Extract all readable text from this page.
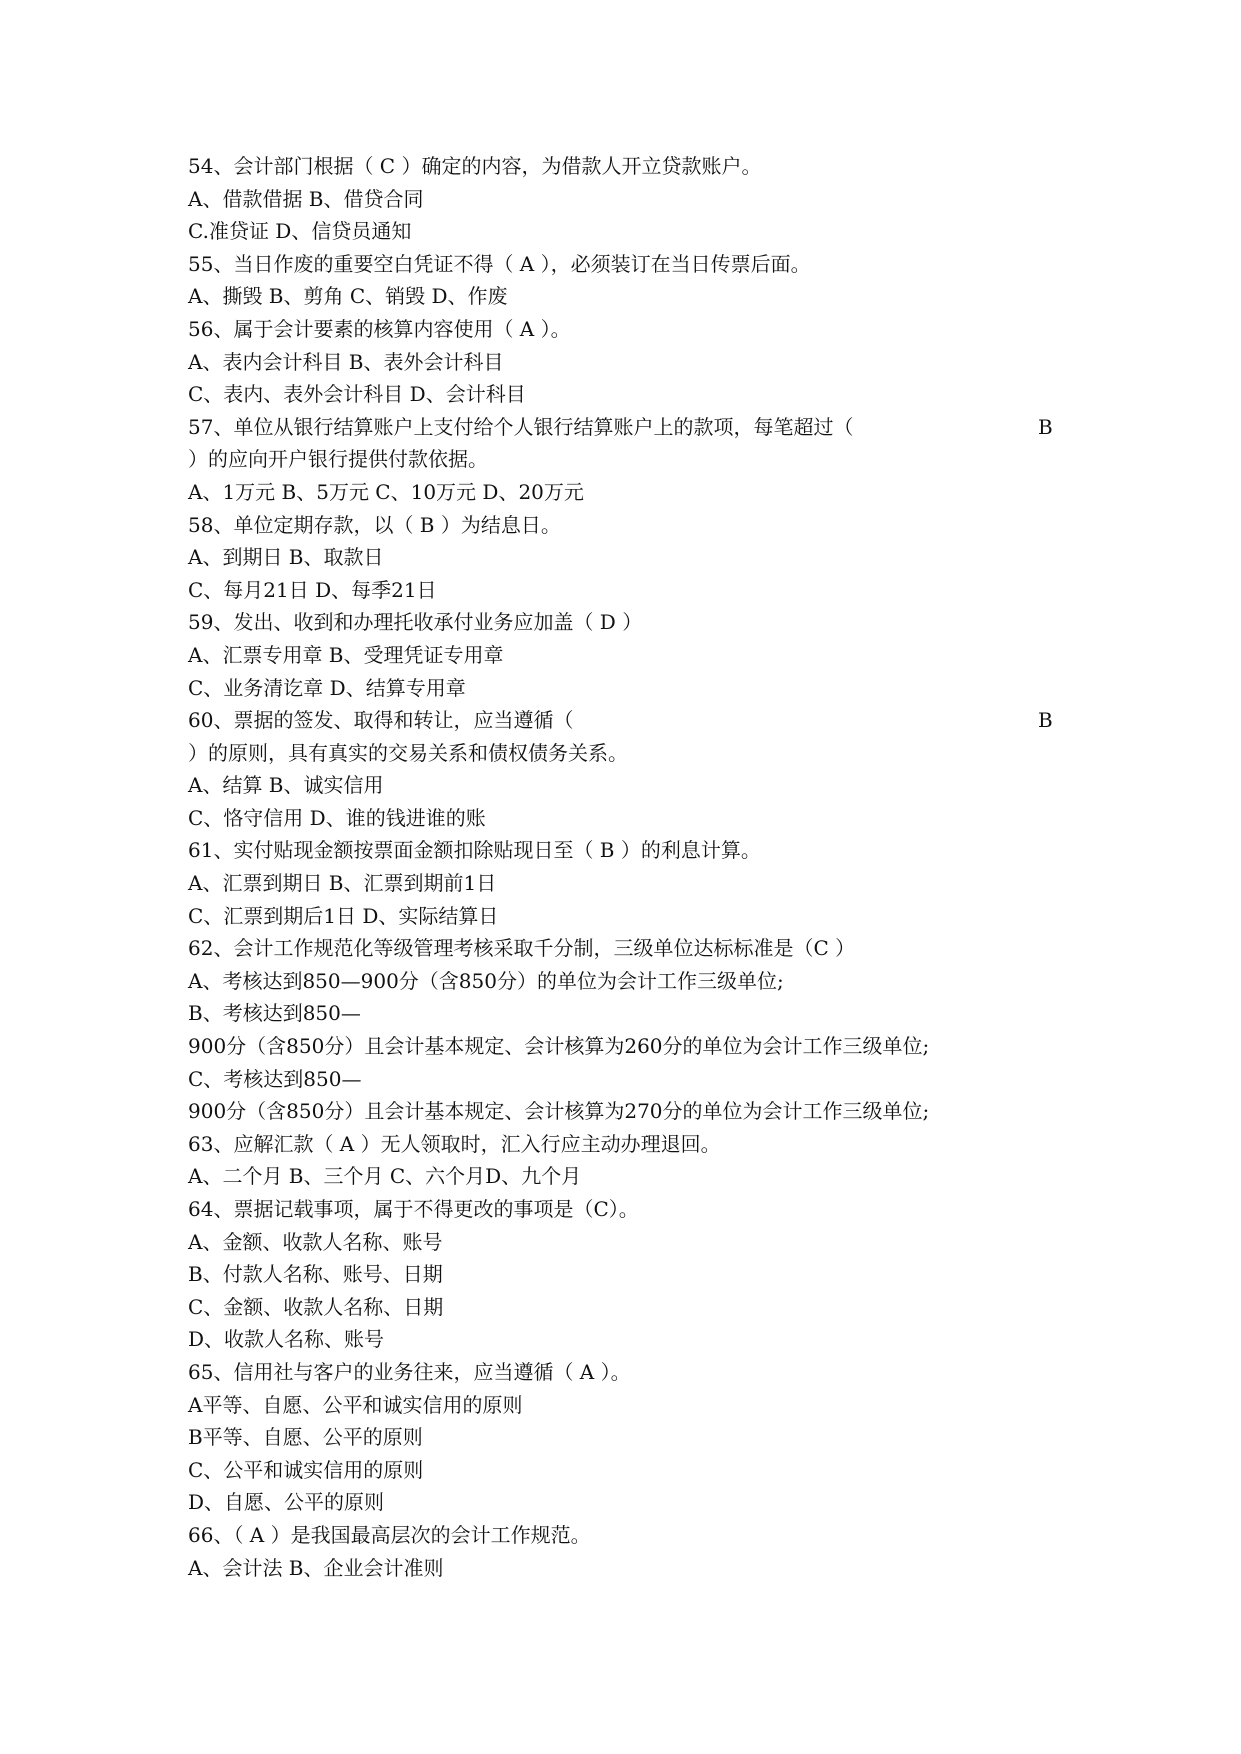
54、会计部门根据（ C ）确定的内容，为借款人开立贷款账户。
A、借款借据 B、借贷合同
C.准贷证 D、信贷员通知
55、当日作废的重要空白凭证不得（ A ），必须装订在当日传票后面。
A、撕毁 B、剪角 C、销毁 D、作废
56、属于会计要素的核算内容使用（ A ）。
A、表内会计科目 B、表外会计科目
C、表内、表外会计科目 D、会计科目
57、单位从银行结算账户上支付给个人银行结算账户上的款项，每笔超过（	B
）的应向开户银行提供付款依据。
A、1万元 B、5万元 C、10万元 D、20万元
58、单位定期存款，以（ B ）为结息日。
A、到期日 B、取款日
C、每月21日 D、每季21日
59、发出、收到和办理托收承付业务应加盖（ D ）
A、汇票专用章 B、受理凭证专用章
C、业务清讫章 D、结算专用章
60、票据的签发、取得和转让，应当遵循（	B
）的原则，具有真实的交易关系和债权债务关系。
A、结算 B、诚实信用
C、恪守信用 D、谁的钱进谁的账
61、实付贴现金额按票面金额扣除贴现日至（ B ）的利息计算。
A、汇票到期日 B、汇票到期前1日
C、汇票到期后1日 D、实际结算日
62、会计工作规范化等级管理考核采取千分制，三级单位达标标准是（C ）
A、考核达到850—900分（含850分）的单位为会计工作三级单位;
B、考核达到850—
900分（含850分）且会计基本规定、会计核算为260分的单位为会计工作三级单位;
C、考核达到850—
900分（含850分）且会计基本规定、会计核算为270分的单位为会计工作三级单位;
63、应解汇款（ A ）无人领取时，汇入行应主动办理退回。
A、二个月 B、三个月 C、六个月D、九个月
64、票据记载事项，属于不得更改的事项是（C）。
A、金额、收款人名称、账号
B、付款人名称、账号、日期
C、金额、收款人名称、日期
D、收款人名称、账号
65、信用社与客户的业务往来，应当遵循（ A ）。
A平等、自愿、公平和诚实信用的原则
B平等、自愿、公平的原则
C、公平和诚实信用的原则
D、自愿、公平的原则
66、（ A ）是我国最高层次的会计工作规范。
A、会计法 B、企业会计准则
